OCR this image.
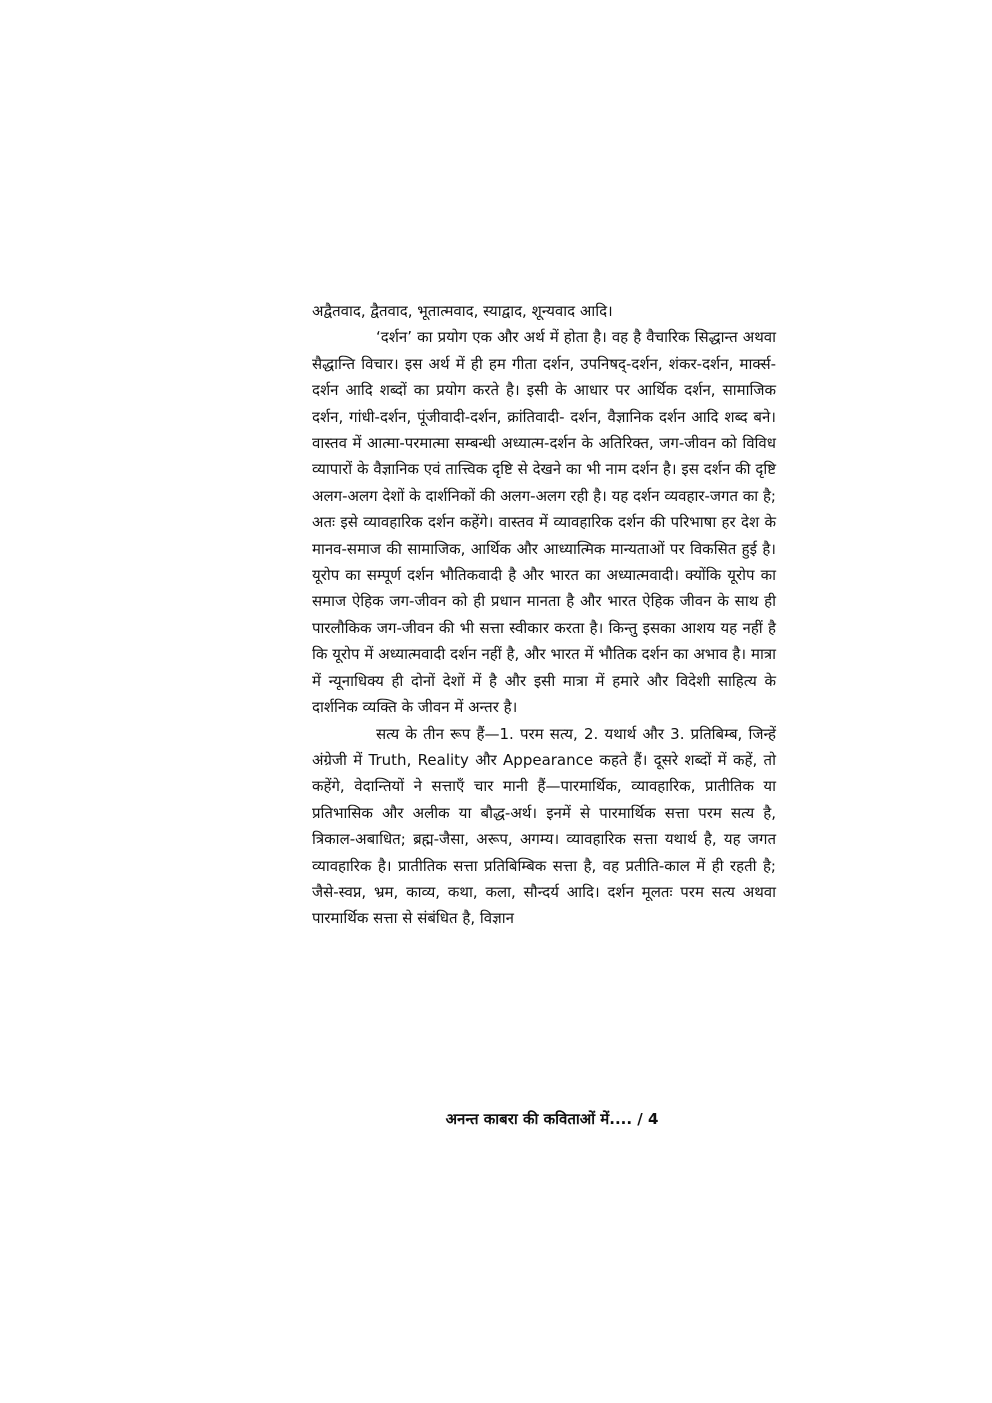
अद्वैतवाद, द्वैतवाद, भूतात्मवाद, स्याद्वाद, शून्यवाद आदि।

‘दर्शन’ का प्रयोग एक और अर्थ में होता है। वह है वैचारिक सिद्धान्त अथवा सैद्धान्ति विचार। इस अर्थ में ही हम गीता दर्शन, उपनिषद्-दर्शन, शंकर-दर्शन, मार्क्स-दर्शन आदि शब्दों का प्रयोग करते है। इसी के आधार पर आर्थिक दर्शन, सामाजिक दर्शन, गांधी-दर्शन, पूंजीवादी-दर्शन, क्रांतिवादी- दर्शन, वैज्ञानिक दर्शन आदि शब्द बने। वास्तव में आत्मा-परमात्मा सम्बन्धी अध्यात्म-दर्शन के अतिरिक्त, जग-जीवन को विविध व्यापारों के वैज्ञानिक एवं तात्त्विक दृष्टि से देखने का भी नाम दर्शन है। इस दर्शन की दृष्टि अलग-अलग देशों के दार्शनिकों की अलग-अलग रही है। यह दर्शन व्यवहार-जगत का है; अतः इसे व्यावहारिक दर्शन कहेंगे। वास्तव में व्यावहारिक दर्शन की परिभाषा हर देश के मानव-समाज की सामाजिक, आर्थिक और आध्यात्मिक मान्यताओं पर विकसित हुई है। यूरोप का सम्पूर्ण दर्शन भौतिकवादी है और भारत का अध्यात्मवादी। क्योंकि यूरोप का समाज ऐहिक जग-जीवन को ही प्रधान मानता है और भारत ऐहिक जीवन के साथ ही पारलौकिक जग-जीवन की भी सत्ता स्वीकार करता है। किन्तु इसका आशय यह नहीं है कि यूरोप में अध्यात्मवादी दर्शन नहीं है, और भारत में भौतिक दर्शन का अभाव है। मात्रा में न्यूनाधिक्य ही दोनों देशों में है और इसी मात्रा में हमारे और विदेशी साहित्य के दार्शनिक व्यक्ति के जीवन में अन्तर है।

सत्य के तीन रूप हैं—1. परम सत्य, 2. यथार्थ और 3. प्रतिबिम्ब, जिन्हें अंग्रेजी में Truth, Reality और Appearance कहते हैं। दूसरे शब्दों में कहें, तो कहेंगे, वेदान्तियों ने सत्ताएँ चार मानी हैं—पारमार्थिक, व्यावहारिक, प्रातीतिक या प्रतिभासिक और अलीक या बौद्ध-अर्थ। इनमें से पारमार्थिक सत्ता परम सत्य है, त्रिकाल-अबाधित; ब्रह्म-जैसा, अरूप, अगम्य। व्यावहारिक सत्ता यथार्थ है, यह जगत व्यावहारिक है। प्रातीतिक सत्ता प्रतिबिम्बिक सत्ता है, वह प्रतीति-काल में ही रहती है; जैसे-स्वप्न, भ्रम, काव्य, कथा, कला, सौन्दर्य आदि। दर्शन मूलतः परम सत्य अथवा पारमार्थिक सत्ता से संबंधित है, विज्ञान

अनन्त काबरा की कविताओं में.... / 4
